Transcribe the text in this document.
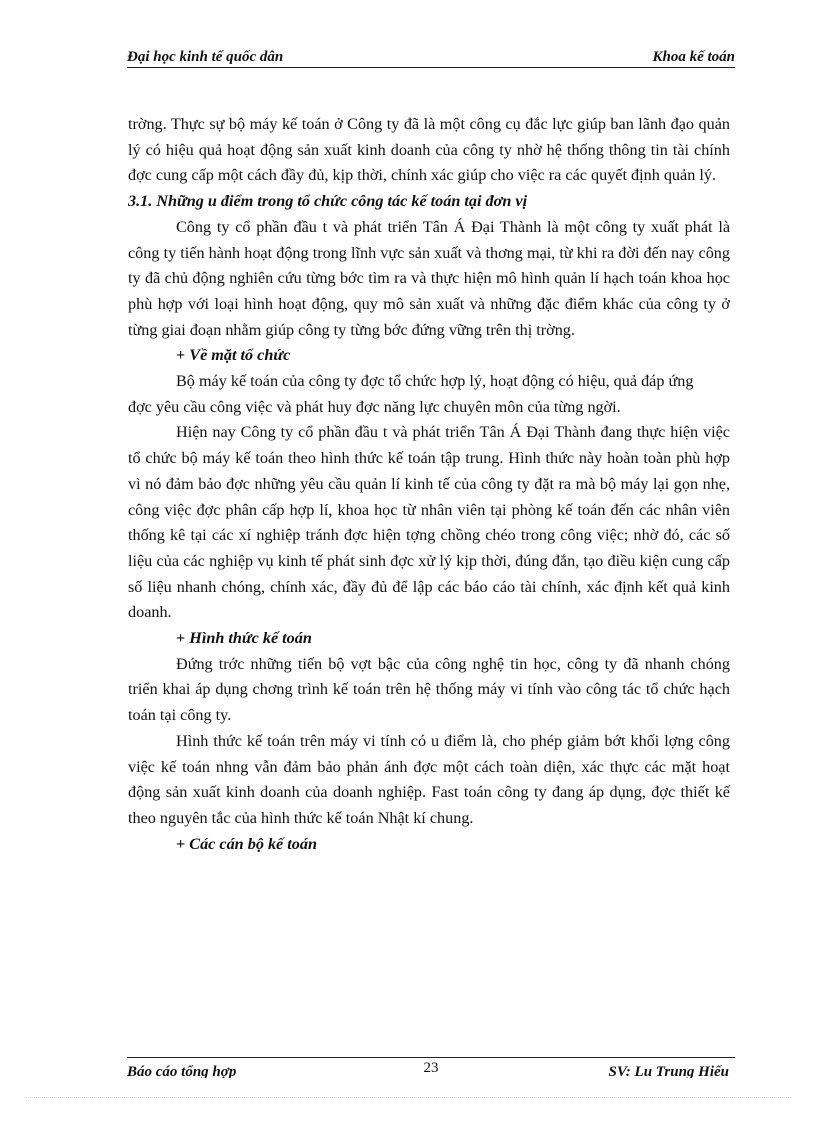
Đại học kinh tế quốc dân	Khoa kế toán

trờng. Thực sự bộ máy kế toán ở Công ty đã là một công cụ đắc lực giúp ban lãnh đạo quản lý có hiệu quả hoạt động sản xuất kinh doanh của công ty nhờ hệ thống thông tin tài chính đợc cung cấp một cách đầy đủ, kịp thời, chính xác giúp cho việc ra các quyết định quản lý.

3.1. Những u điểm trong tổ chức công tác kế toán tại đơn vị

Công ty cổ phần đầu t và phát triển Tân Á Đại Thành là một công ty xuất phát là công ty tiến hành hoạt động trong lĩnh vực sản xuất và thơng mại, từ khi ra đời đến nay công ty đã chủ động nghiên cứu từng bớc tìm ra và thực hiện mô hình quản lí hạch toán khoa học phù hợp với loại hình hoạt động, quy mô sản xuất và những đặc điểm khác của công ty ở từng giai đoạn nhằm giúp công ty từng bớc đứng vững trên thị trờng.

+ Về mặt tổ chức

Bộ máy kế toán của công ty đợc tổ chức hợp lý, hoạt động có hiệu, quả đáp ứng

đợc yêu cầu công việc và phát huy đợc năng lực chuyên môn của từng ngời.

Hiện nay Công ty cổ phần đầu t và phát triển Tân Á Đại Thành đang thực hiện việc tổ chức bộ máy kế toán theo hình thức kế toán tập trung. Hình thức này hoàn toàn phù hợp vì nó đảm bảo đợc những yêu cầu quản lí kinh tế của công ty đặt ra mà bộ máy lại gọn nhẹ, công việc đợc phân cấp hợp lí, khoa học từ nhân viên tại phòng kế toán đến các nhân viên thống kê tại các xí nghiệp tránh đợc hiện tợng chồng chéo trong công việc; nhờ đó, các số liệu của các nghiệp vụ kinh tế phát sinh đợc xử lý kịp thời, đúng đắn, tạo điều kiện cung cấp số liệu nhanh chóng, chính xác, đầy đủ để lập các báo cáo tài chính, xác định kết quả kinh doanh.

+ Hình thức kế toán

Đứng trớc những tiến bộ vợt bậc của công nghệ tin học, công ty đã nhanh chóng triển khai áp dụng chơng trình kế toán trên hệ thống máy vi tính vào công tác tổ chức hạch toán tại công ty.

Hình thức kế toán trên máy vi tính có u điểm là, cho phép giảm bớt khối lợng công việc kế toán nhng vẫn đảm bảo phản ánh đợc một cách toàn diện, xác thực các mặt hoạt động sản xuất kinh doanh của doanh nghiệp. Fast toán công ty đang áp dụng, đợc thiết kế theo nguyên tắc của hình thức kế toán Nhật kí chung.

+ Các cán bộ kế toán

Báo cáo tổng hợp	23	SV: Lu Trung Hiếu
